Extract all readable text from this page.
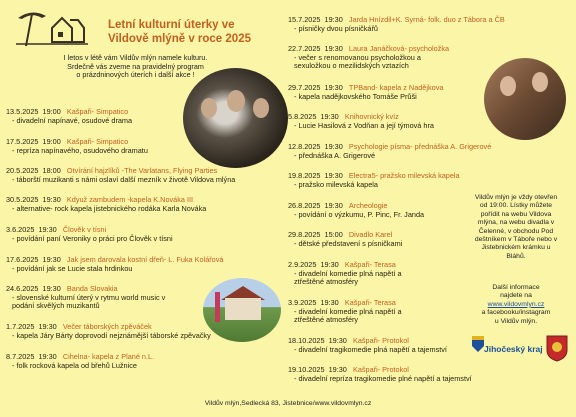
Letní kulturní úterky ve
Vildově mlýně v roce 2025
I letos v létě vám Vildův mlýn namele kulturu.
Srdečně vás zveme na pravidelný program
o prázdninových úterích i další akce !
13.5.2025 19:00 Kašpaři- Simpatico
- divadelní napínavé, osudové drama
17.5.2025 19:00 Kašpaři- Simpatico
- repríza napínavého, osudového dramatu
20.5.2025 18:00 Otvírání hajzlíků -The Varlatans, Flying Parties
- táborští muzikanti s námi oslaví další mezník v životě Vildova mlýna
30.5.2025 19:30 Kdyuž zambudem -kapela K.Nováka III
- alternative- rock kapela jistebnického rodáka Karla Nováka
3.6.2025 19:30 Člověk v tísni
- povídání paní Veroniky o práci pro Člověk v tísni
17.6.2025 19:30 Jak jsem darovala kostní dřeň- L. Fuka Kolářová
- povídání jak se Lucie stala hrdinkou
24.6.2025 19:30 Banda Slovakia
- slovenské kulturní úterý v rytmu world music v
podání skvělých muzikantů
1.7.2025 19:30 Večer táborských zpěváček
- kapela Járy Bárty doprovodí nejznámější táborské zpěvačky
8.7.2025 19:30 Cihelna- kapela z Plané n.L.
- folk rocková kapela od břehů Lužnice
15.7.2025 19:30 Jarda Hnízdil+K. Syrná- folk. duo z Tábora a ČB
- písničky dvou písničkářů
22.7.2025 19:30 Laura Janáčková- psycholožka
- večer s renomovanou psycholožkou a
sexuložkou o mezilidských vztazích
29.7.2025 19:30 TPBand- kapela z Nadějkova
- kapela nadějkovského Tomáše Průši
5.8.2025 19:30 Knihovnický kvíz
- Lucie Hasilová z Vodňan a její týmová hra
12.8.2025 19:30 Psychologie písma- přednáška A. Grigerové
- přednáška A. Grigerové
19.8.2025 19:30 Electra5- pražsko milevská kapela
- pražsko milevská kapela
26.8.2025 19:30 Archeologie
- povídání o výzkumu, P. Pinc, Fr. Janda
29.8.2025 15:00 Divadlo Karel
- dětské představení s písničkami
2.9.2025 19:30 Kašpaři- Terasa
- divadelní komedie plná napětí a
ztřeštěné atmosféry
3.9.2025 19:30 Kašpaři- Terasa
- divadelní komedie plná napětí a
ztřeštěné atmosféry
18.10.2025 19:30 Kašpaři- Protokol
- divadelní tragikomedie plná napětí a tajemství
19.10.2025 19:30 Kašpaři- Protokol
- divadelní repríza tragikomedie plné napětí a tajemství
Vildův mlýn je vždy otevřen
od 19:00. Lístky můžete
pořídit na webu Vildova
mlýna, na webu divadla v
Čelenné, v obchodu Pod
deštníkem v Táboře nebo v
Jistebnickém krámku u
Bláhů.
Další informace
najdete na
www.vildovmlyn.cz
a facebooku/instagram
u Vildův mlýn.
Jihočeský kraj
Vildův mlýn,Sedlecká 83, Jistebnice/www.vildovmlyn.cz
